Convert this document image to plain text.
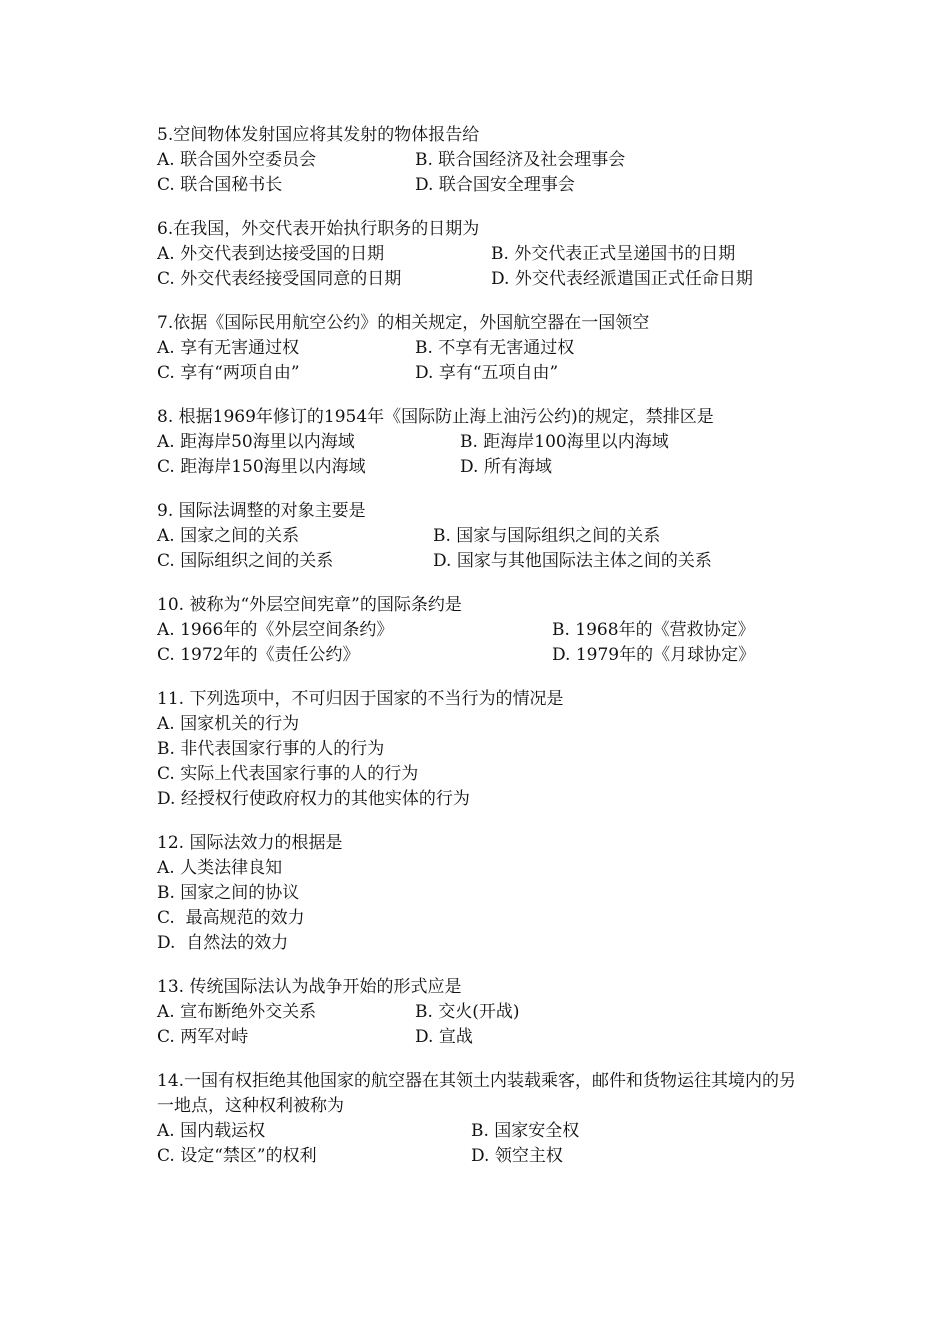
5.空间物体发射国应将其发射的物体报告给
A. 联合国外空委员会	B. 联合国经济及社会理事会
C. 联合国秘书长	D. 联合国安全理事会
6.在我国，外交代表开始执行职务的日期为
A. 外交代表到达接受国的日期	B. 外交代表正式呈递国书的日期
C. 外交代表经接受国同意的日期	D. 外交代表经派遣国正式任命日期
7.依据《国际民用航空公约》的相关规定，外国航空器在一国领空
A. 享有无害通过权	B. 不享有无害通过权
C. 享有“两项自由”	D. 享有“五项自由”
8. 根据1969年修订的1954年《国际防止海上油污公约)的规定，禁排区是
A. 距海岸50海里以内海域	B. 距海岸100海里以内海域
C. 距海岸150海里以内海域	D. 所有海域
9. 国际法调整的对象主要是
A. 国家之间的关系	B. 国家与国际组织之间的关系
C. 国际组织之间的关系	D. 国家与其他国际法主体之间的关系
10. 被称为“外层空间宪章”的国际条约是
A. 1966年的《外层空间条约》	B. 1968年的《营救协定》
C. 1972年的《责任公约》	D. 1979年的《月球协定》
11. 下列选项中，不可归因于国家的不当行为的情况是
A. 国家机关的行为
B. 非代表国家行事的人的行为
C. 实际上代表国家行事的人的行为
D. 经授权行使政府权力的其他实体的行为
12. 国际法效力的根据是
A. 人类法律良知
B. 国家之间的协议
C.  最高规范的效力
D.  自然法的效力
13. 传统国际法认为战争开始的形式应是
A. 宣布断绝外交关系	B. 交火(开战)
C. 两军对峙	D. 宣战
14.一国有权拒绝其他国家的航空器在其领土内装载乘客，邮件和货物运往其境内的另一地点，这种权利被称为
A. 国内载运权	B. 国家安全权
C. 设定“禁区”的权利	D. 领空主权
